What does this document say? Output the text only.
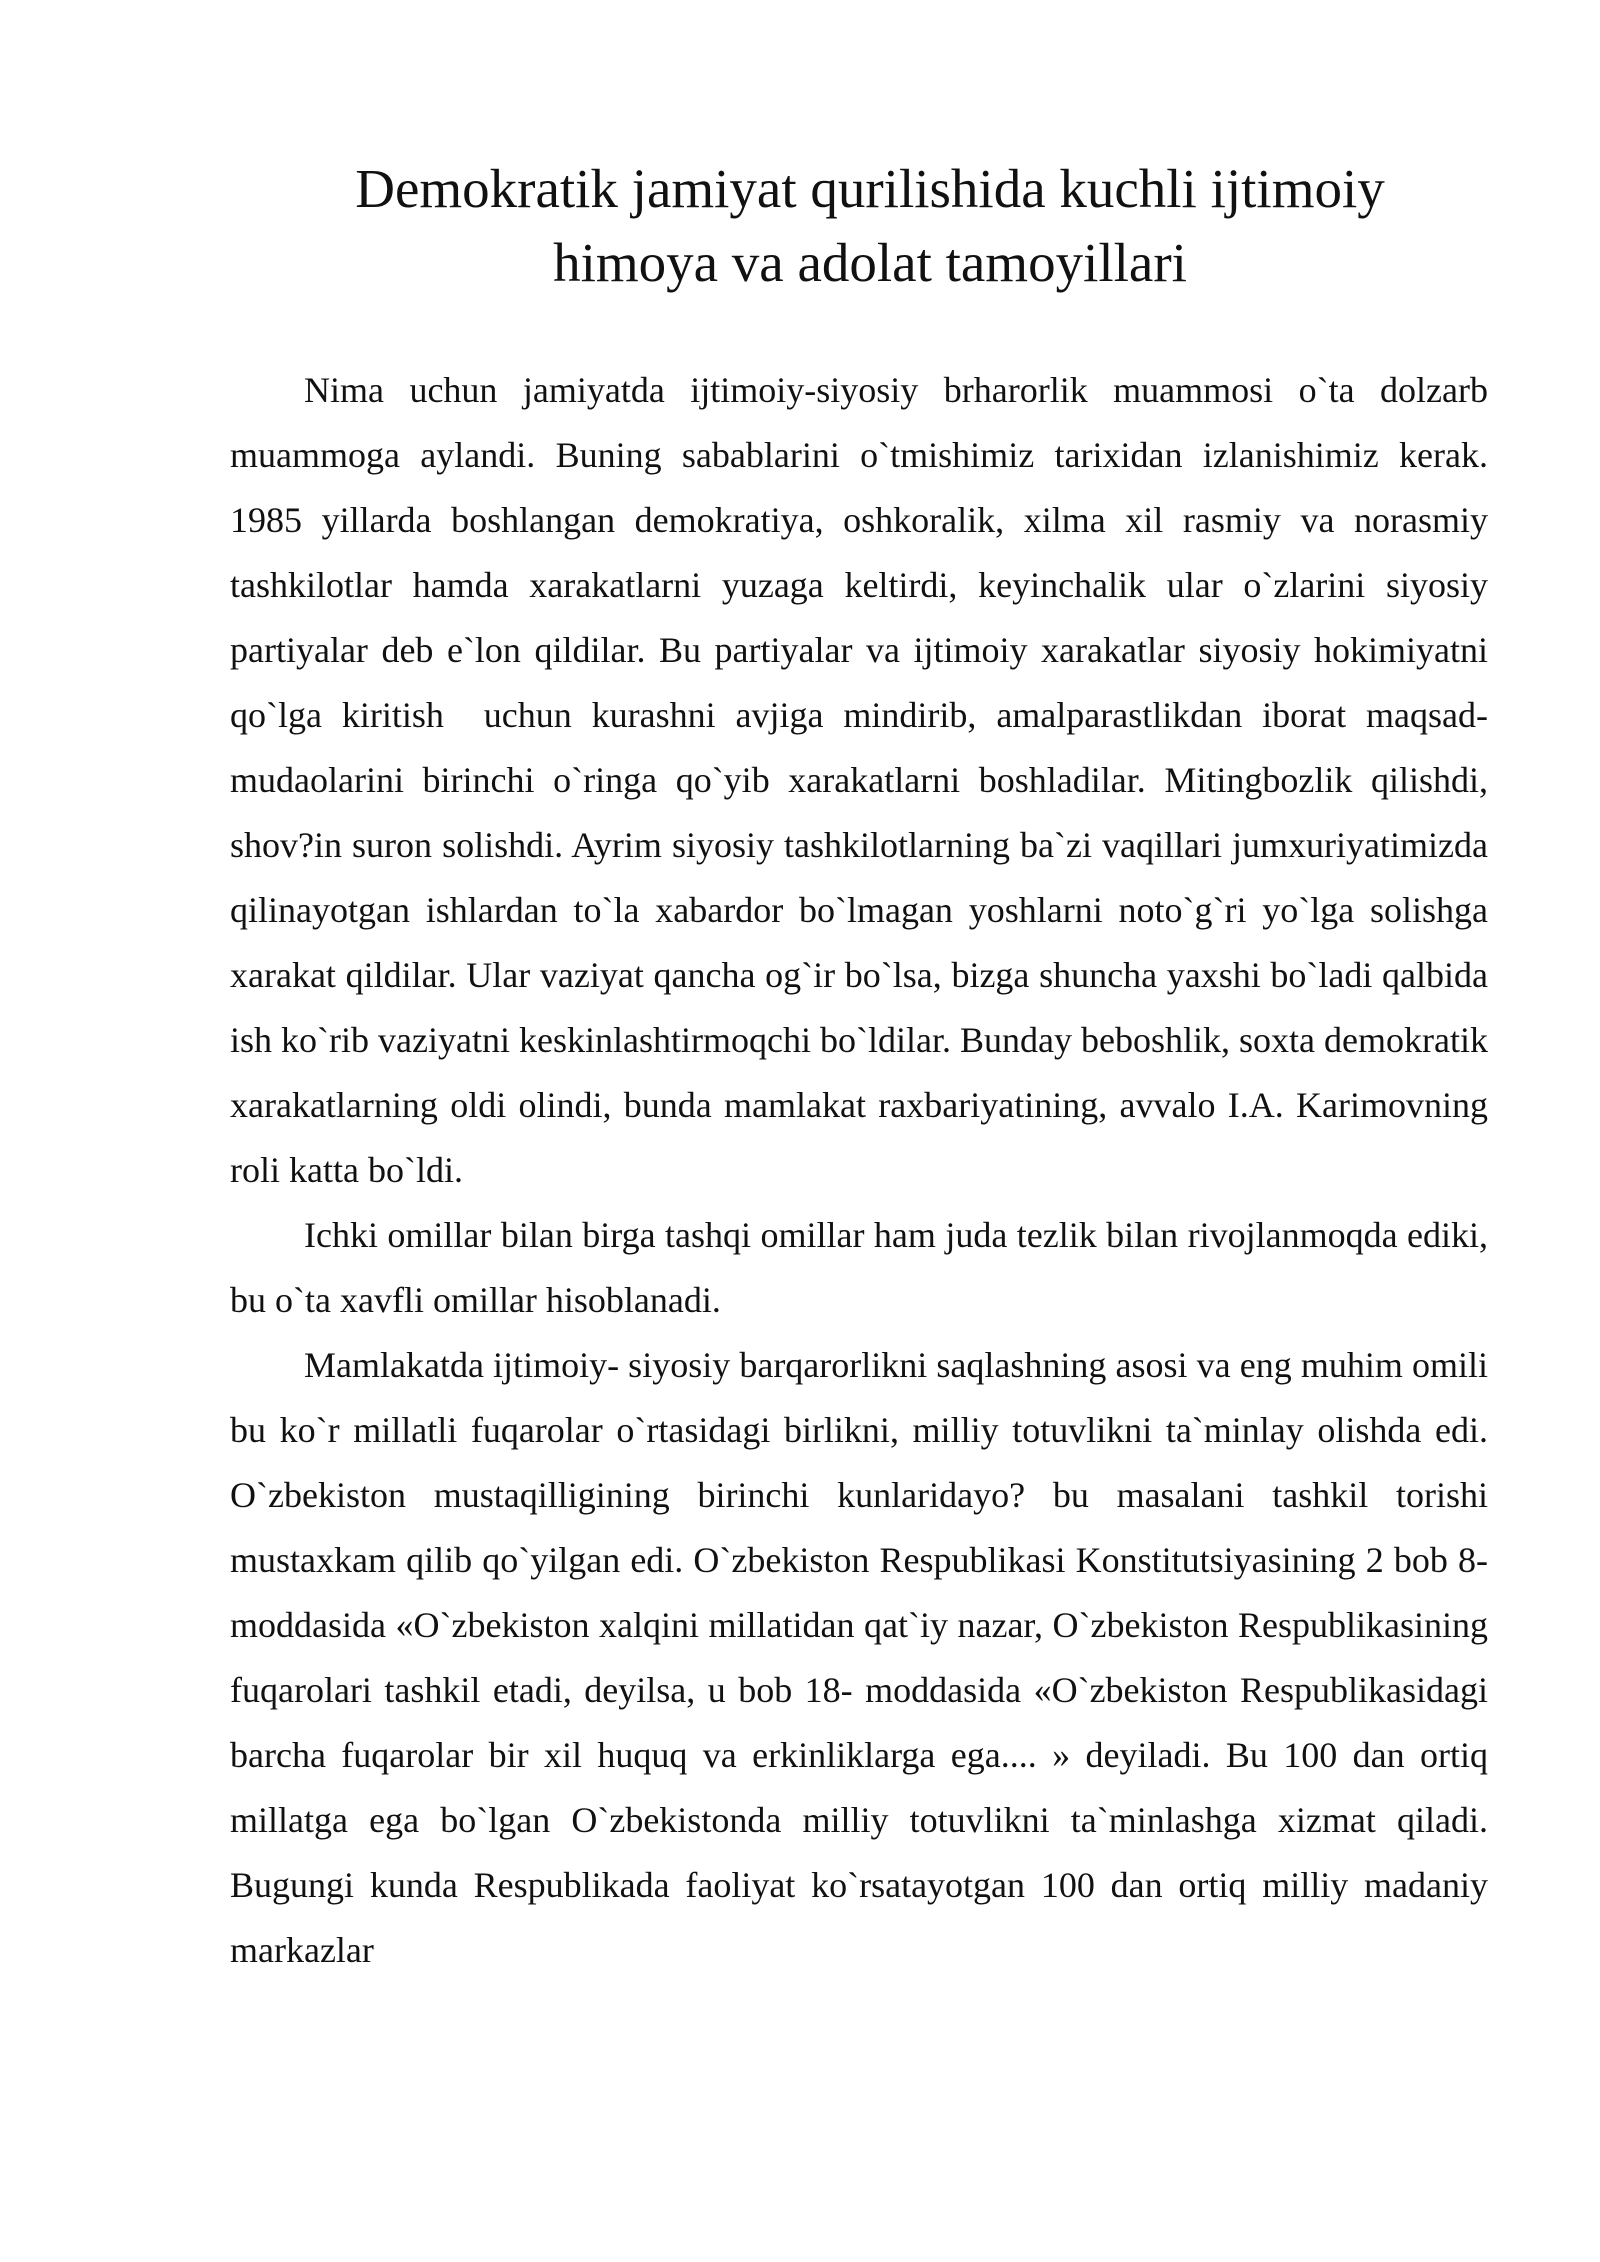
Demokratik jamiyat qurilishida kuchli ijtimoiy
himoya va adolat tamoyillari

Nima uchun jamiyatda ijtimoiy-siyosiy brharorlik muammosi o`ta dolzarb muammoga aylandi. Buning sabablarini o`tmishimiz tarixidan izlanishimiz kerak. 1985 yillarda boshlangan demokratiya, oshkoralik, xilma xil rasmiy va norasmiy tashkilotlar hamda xarakatlarni yuzaga keltirdi, keyinchalik ular o`zlarini siyosiy partiyalar deb e`lon qildilar. Bu partiyalar va ijtimoiy xarakatlar siyosiy hokimiyatni qo`lga kiritish  uchun kurashni avjiga mindirib, amalparastlikdan iborat maqsad- mudaolarini birinchi o`ringa qo`yib xarakatlarni boshladilar. Mitingbozlik qilishdi, shov?in suron solishdi. Ayrim siyosiy tashkilotlarning ba`zi vaqillari jumxuriyatimizda qilinayotgan ishlardan to`la xabardor bo`lmagan yoshlarni noto`g`ri yo`lga solishga xarakat qildilar. Ular vaziyat qancha og`ir bo`lsa, bizga shuncha yaxshi bo`ladi qalbida ish ko`rib vaziyatni keskinlashtirmoqchi bo`ldilar. Bunday beboshlik, soxta demokratik xarakatlarning oldi olindi, bunda mamlakat raxbariyatining, avvalo I.A. Karimovning roli katta bo`ldi.

Ichki omillar bilan birga tashqi omillar ham juda tezlik bilan rivojlanmoqda ediki, bu o`ta xavfli omillar hisoblanadi.

Mamlakatda ijtimoiy- siyosiy barqarorlikni saqlashning asosi va eng muhim omili bu ko`r millatli fuqarolar o`rtasidagi birlikni, milliy totuvlikni ta`minlay olishda edi. O`zbekiston mustaqilligining birinchi kunlaridayo? bu masalani tashkil torishi mustaxkam qilib qo`yilgan edi. O`zbekiston Respublikasi Konstitutsiyasining 2 bob 8- moddasida «O`zbekiston xalqini millatidan qat`iy nazar, O`zbekiston Respublikasining fuqarolari tashkil etadi, deyilsa, u bob 18- moddasida «O`zbekiston Respublikasidagi barcha fuqarolar bir xil huquq va erkinliklarga ega.... » deyiladi. Bu 100 dan ortiq millatga ega bo`lgan O`zbekistonda milliy totuvlikni ta`minlashga xizmat qiladi. Bugungi kunda Respublikada faoliyat ko`rsatayotgan 100 dan ortiq milliy madaniy markazlar
